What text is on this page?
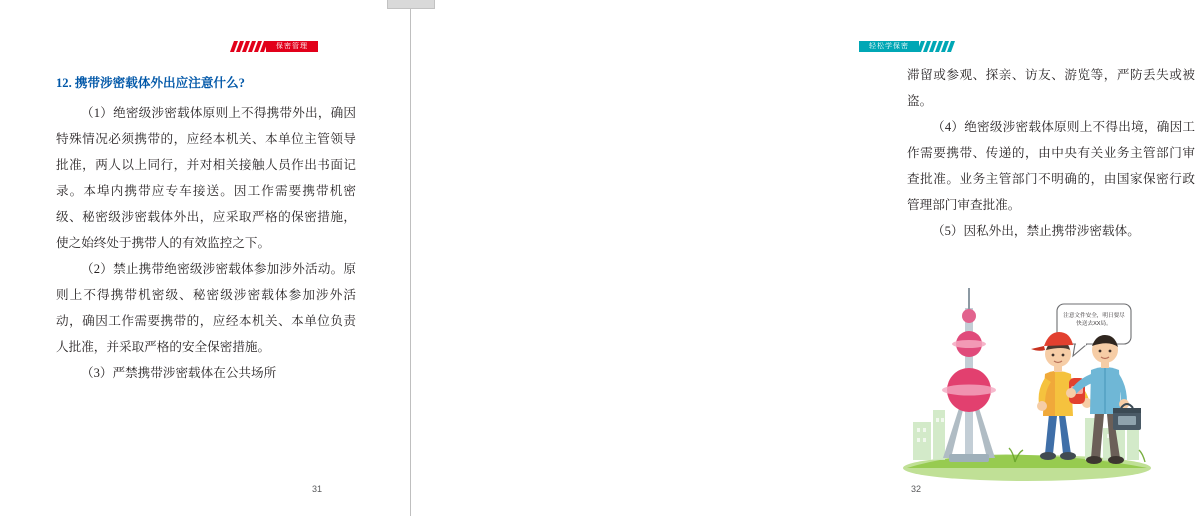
保密管理
12. 携带涉密载体外出应注意什么?

（1）绝密级涉密载体原则上不得携带外出，确因特殊情况必须携带的，应经本机关、本单位主管领导批准，两人以上同行，并对相关接触人员作出书面记录。本埠内携带应专车接送。因工作需要携带机密级、秘密级涉密载体外出，应采取严格的保密措施，使之始终处于携带人的有效监控之下。

（2）禁止携带绝密级涉密载体参加涉外活动。原则上不得携带机密级、秘密级涉密载体参加涉外活动，确因工作需要携带的，应经本机关、本单位负责人批准，并采取严格的安全保密措施。

（3）严禁携带涉密载体在公共场所

31
轻松学保密

滞留或参观、探亲、访友、游览等，严防丢失或被盗。

（4）绝密级涉密载体原则上不得出境，确因工作需要携带、传递的，由中央有关业务主管部门审查批准。业务主管部门不明确的，由国家保密行政管理部门审查批准。

（5）因私外出，禁止携带涉密载体。

注意文件安全，明日要尽快送去XX局。
32
